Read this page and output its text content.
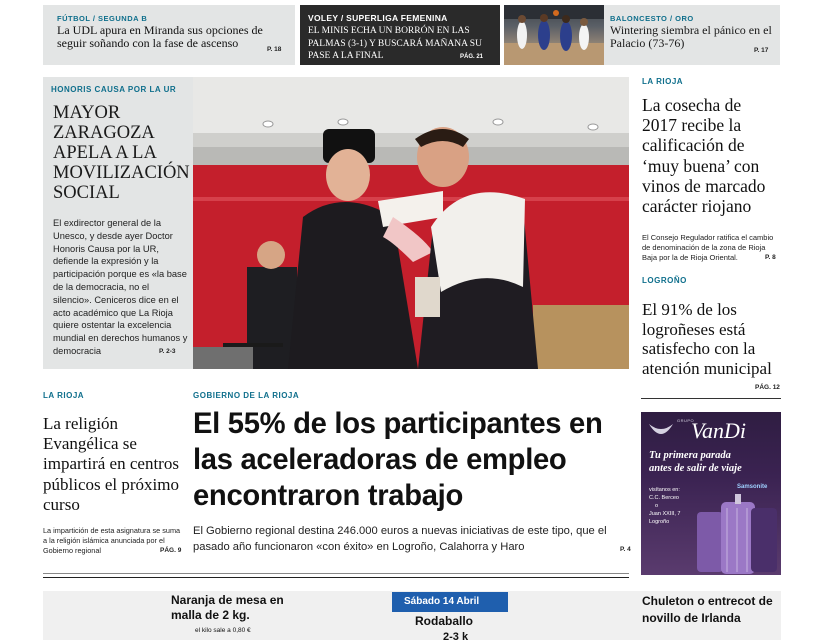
FÚTBOL / SEGUNDA B
La UDL apura en Miranda sus opciones de seguir soñando con la fase de ascenso	P. 18
VOLEY / SUPERLIGA FEMENINA
EL MINIS ECHA UN BORRÓN EN LAS PALMAS (3-1) Y BUSCARÁ MAÑANA SU PASE A LA FINAL	PÁG. 21
BALONCESTO / ORO
Wintering siembra el pánico en el Palacio (73-76)
P. 17
HONORIS CAUSA POR LA UR
MAYOR ZARAGOZA APELA A LA MOVILIZACIÓN SOCIAL
El exdirector general de la Unesco, y desde ayer Doctor Honoris Causa por la UR, defiende la expresión y la participación porque es «la base de la democracia, no el silencio». Ceniceros dice en el acto académico que La Rioja quiere ostentar la excelencia mundial en derechos humanos y democracia	P. 2-3
LA RIOJA
La cosecha de 2017 recibe la calificación de ‘muy buena’ con vinos de marcado carácter riojano
El Consejo Regulador ratifica el cambio de denominación de la zona de Rioja Baja por la de Rioja Oriental.	P. 8
LOGROÑO
El 91% de los logroñeses está satisfecho con la atención municipal
PÁG. 12
LA RIOJA
La religión Evangélica se impartirá en centros públicos el próximo curso
La impartición de esta asignatura se suma a la religión islámica anunciada por el Gobierno regional	PÁG. 9
GOBIERNO DE LA RIOJA
El 55% de los participantes en las aceleradoras de empleo encontraron trabajo
El Gobierno regional destina 246.000 euros a nuevas iniciativas de este tipo, que el pasado año funcionaron «con éxito» en Logroño, Calahorra y Haro	P. 4
GRUPO
VanDi
Tu primera parada
antes de salir de viaje
visítanos en:
C.C. Berceo
o
Juan XXIII, 7
Logroño
Samsonite
Naranja de mesa en malla de 2 kg.
el kilo sale a 0,80 €
Sábado 14 Abril
Rodaballo
2-3 k
Chuleton o entrecot de novillo de Irlanda
